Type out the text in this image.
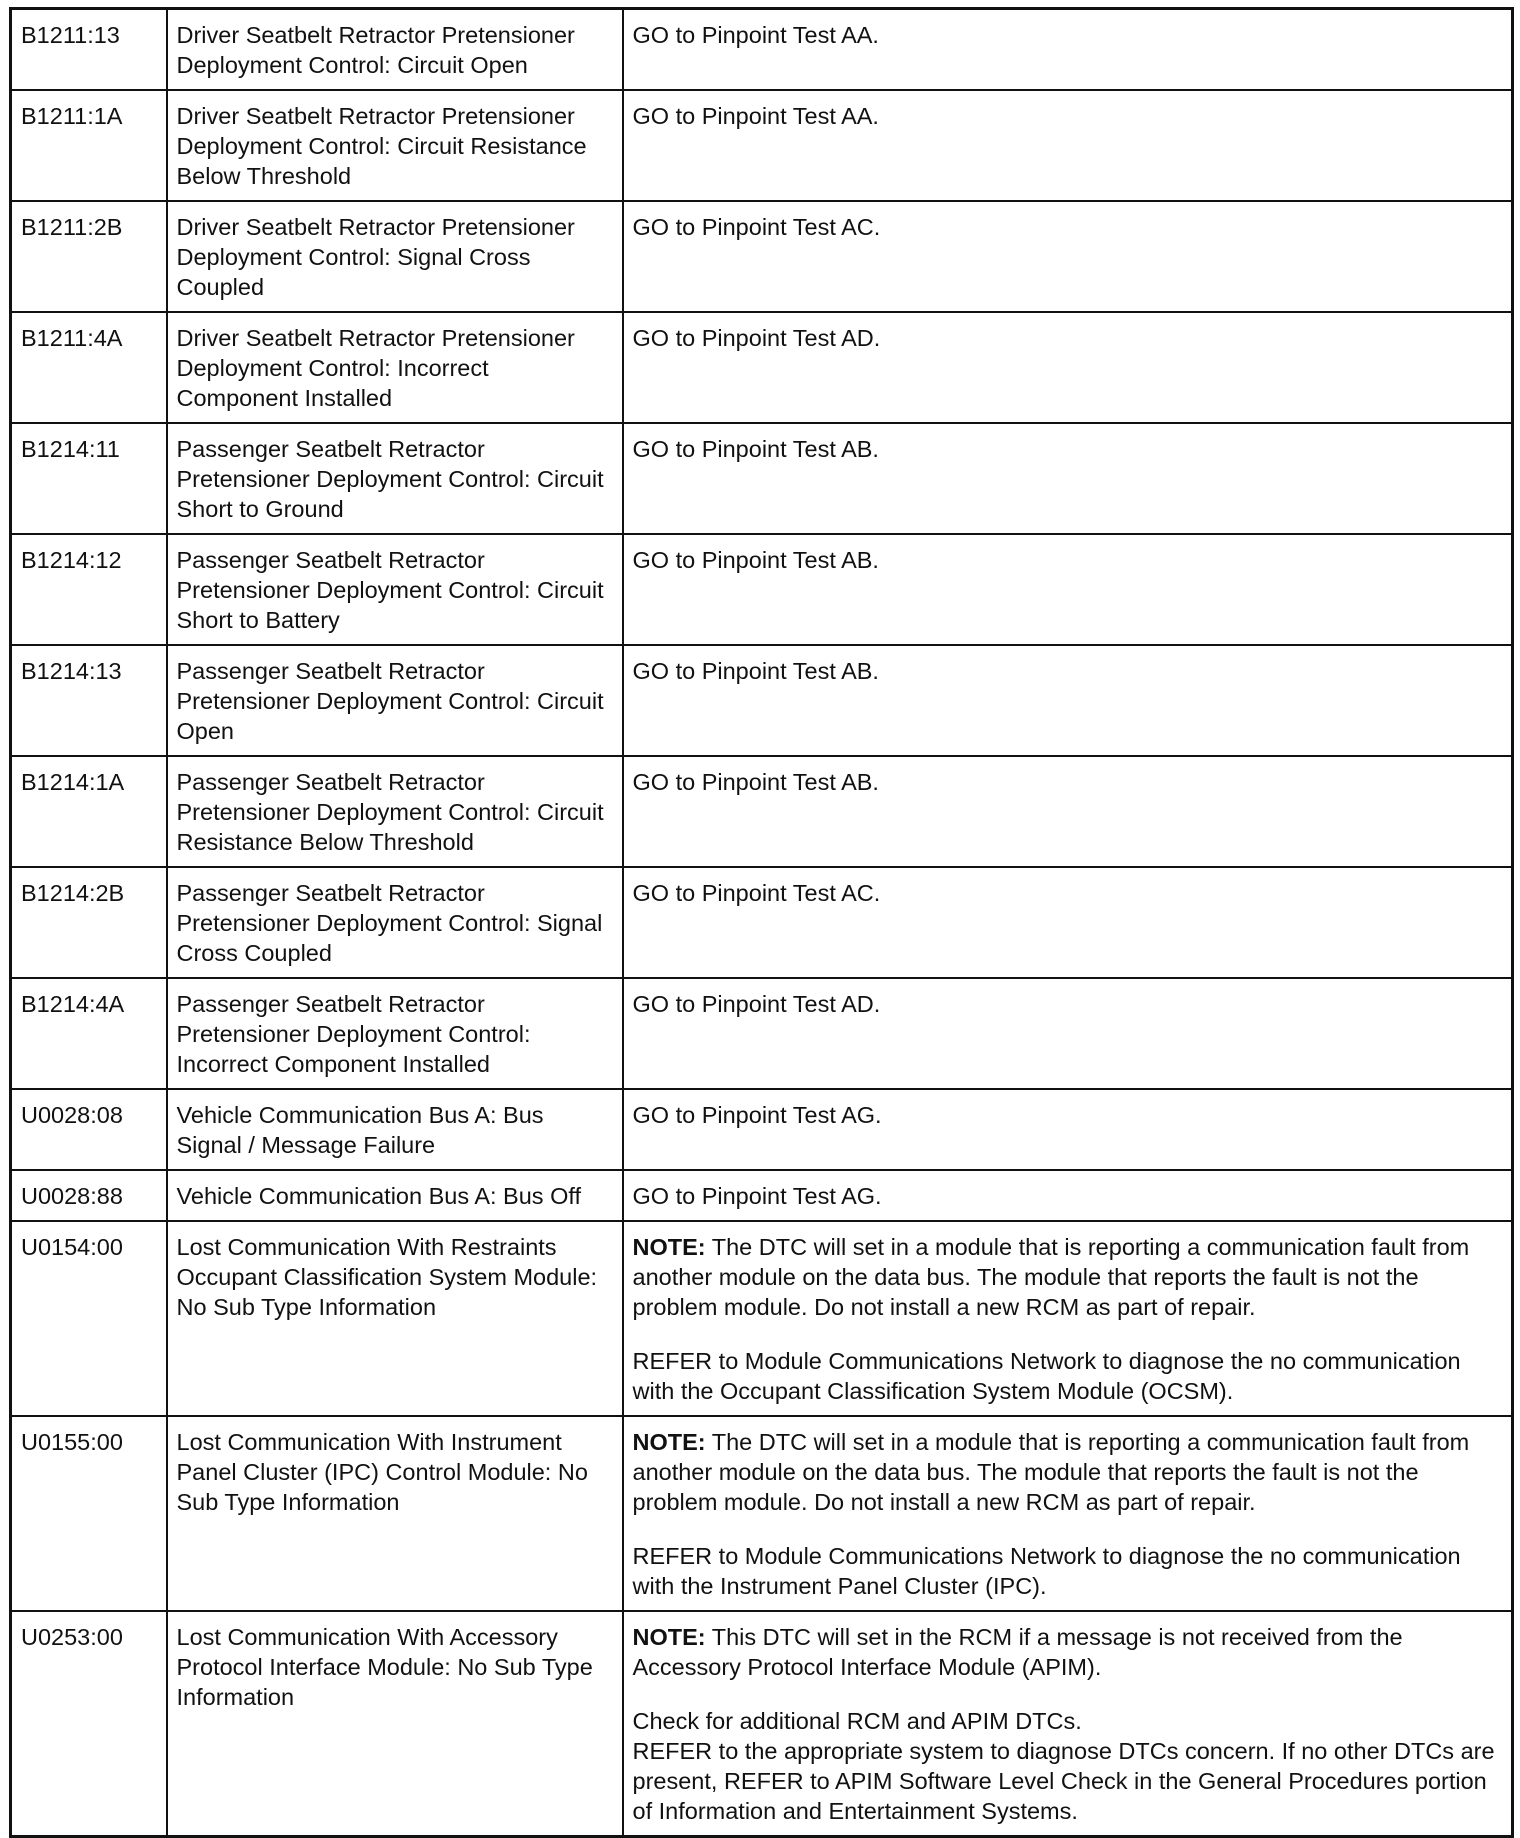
B1211:13	Driver Seatbelt Retractor Pretensioner Deployment Control: Circuit Open	GO to Pinpoint Test AA.
B1211:1A	Driver Seatbelt Retractor Pretensioner Deployment Control: Circuit Resistance Below Threshold	GO to Pinpoint Test AA.
B1211:2B	Driver Seatbelt Retractor Pretensioner Deployment Control: Signal Cross Coupled	GO to Pinpoint Test AC.
B1211:4A	Driver Seatbelt Retractor Pretensioner Deployment Control: Incorrect Component Installed	GO to Pinpoint Test AD.
B1214:11	Passenger Seatbelt Retractor Pretensioner Deployment Control: Circuit Short to Ground	GO to Pinpoint Test AB.
B1214:12	Passenger Seatbelt Retractor Pretensioner Deployment Control: Circuit Short to Battery	GO to Pinpoint Test AB.
B1214:13	Passenger Seatbelt Retractor Pretensioner Deployment Control: Circuit Open	GO to Pinpoint Test AB.
B1214:1A	Passenger Seatbelt Retractor Pretensioner Deployment Control: Circuit Resistance Below Threshold	GO to Pinpoint Test AB.
B1214:2B	Passenger Seatbelt Retractor Pretensioner Deployment Control: Signal Cross Coupled	GO to Pinpoint Test AC.
B1214:4A	Passenger Seatbelt Retractor Pretensioner Deployment Control: Incorrect Component Installed	GO to Pinpoint Test AD.
U0028:08	Vehicle Communication Bus A: Bus Signal / Message Failure	GO to Pinpoint Test AG.
U0028:88	Vehicle Communication Bus A: Bus Off	GO to Pinpoint Test AG.
U0154:00	Lost Communication With Restraints Occupant Classification System Module: No Sub Type Information	NOTE: The DTC will set in a module that is reporting a communication fault from another module on the data bus. The module that reports the fault is not the problem module. Do not install a new RCM as part of repair.
REFER to Module Communications Network to diagnose the no communication with the Occupant Classification System Module (OCSM).

U0155:00	Lost Communication With Instrument Panel Cluster (IPC) Control Module: No Sub Type Information	NOTE: The DTC will set in a module that is reporting a communication fault from another module on the data bus. The module that reports the fault is not the problem module. Do not install a new RCM as part of repair.
REFER to Module Communications Network to diagnose the no communication with the Instrument Panel Cluster (IPC).

U0253:00	Lost Communication With Accessory Protocol Interface Module: No Sub Type Information	NOTE: This DTC will set in the RCM if a message is not received from the Accessory Protocol Interface Module (APIM).
Check for additional RCM and APIM DTCs.
REFER to the appropriate system to diagnose DTCs concern. If no other DTCs are present, REFER to APIM Software Level Check in the General Procedures portion of Information and Entertainment Systems.
